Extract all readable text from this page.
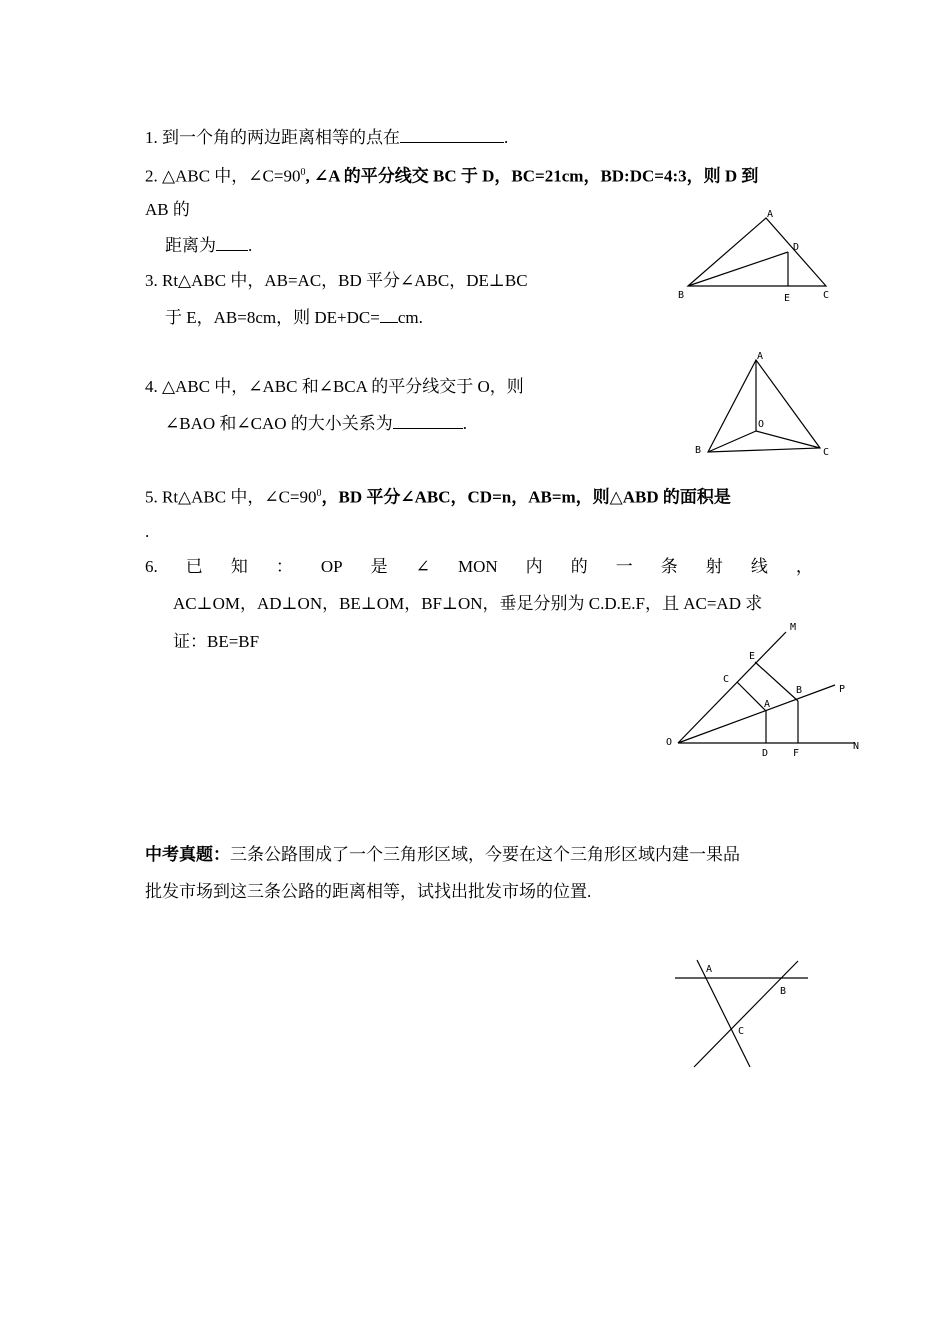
1. 到一个角的两边距离相等的点在	.
2. △ABC 中，$\angle C=90^0$, ∠A 的平分线交 BC 于 D，BC=21cm，BD:DC=4:3，则 D 到
AB 的
距离为 .
3. Rt△ABC 中，AB=AC，BD 平分∠ABC，DE⊥BC
于 E，AB=8cm，则 DE+DC= cm.
4. △ABC 中，∠ABC 和∠BCA 的平分线交于 O，则
∠BAO 和∠CAO 的大小关系为	.
5. Rt△ABC 中，$\angle C=90^0$，BD 平分∠ABC，CD=n，AB=m，则△ABD 的面积是
.
6. 已 知 ： OP 是 ∠ MON 内 的 一 条 射 线 ，
AC⊥OM，AD⊥ON，BE⊥OM，BF⊥ON，垂足分别为 C.D.E.F，且 AC=AD 求
证：BE=BF
中考真题：三条公路围成了一个三角形区域，今要在这个三角形区域内建一果品
批发市场到这三条公路的距离相等，试找出批发市场的位置.
A
D
B	E	C
A
O
B	C
M
E
C
A
B	P
O
D F
N
A
B
C
